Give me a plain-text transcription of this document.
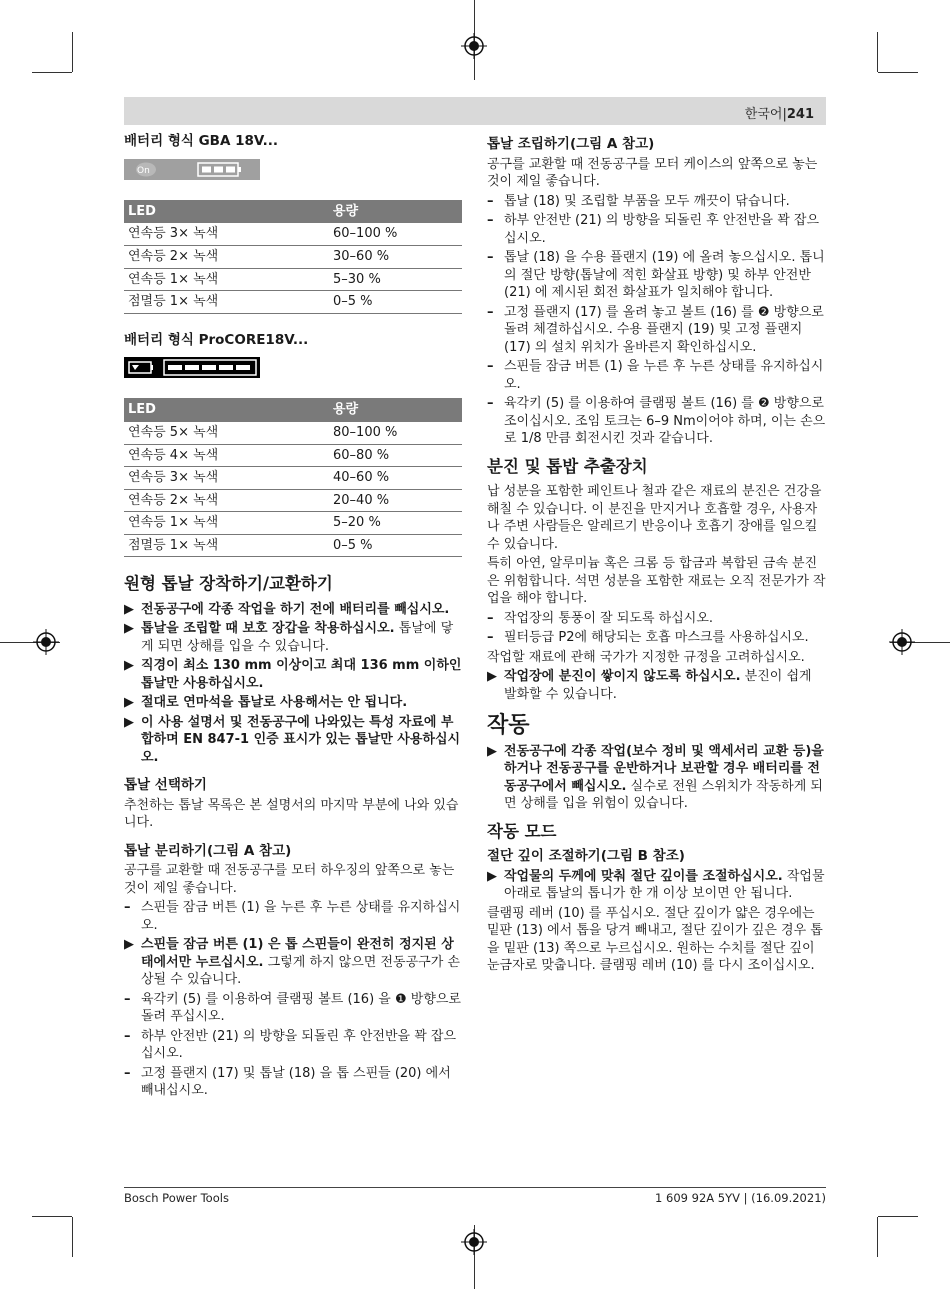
한국어|241
배터리 형식 GBA 18V...
On
LED	용량
연속등 3× 녹색	60–100 %
연속등 2× 녹색	30–60 %
연속등 1× 녹색	5–30 %
점멸등 1× 녹색	0–5 %
배터리 형식 ProCORE18V...
LED	용량
연속등 5× 녹색	80–100 %
연속등 4× 녹색	60–80 %
연속등 3× 녹색	40–60 %
연속등 2× 녹색	20–40 %
연속등 1× 녹색	5–20 %
점멸등 1× 녹색	0–5 %
원형 톱날 장착하기/교환하기
▶ 전동공구에 각종 작업을 하기 전에 배터리를 빼십시오.
▶ 톱날을 조립할 때 보호 장갑을 착용하십시오. 톱날에 닿게 되면 상해를 입을 수 있습니다.
▶ 직경이 최소 130 mm 이상이고 최대 136 mm 이하인 톱날만 사용하십시오.
▶ 절대로 연마석을 톱날로 사용해서는 안 됩니다.
▶ 이 사용 설명서 및 전동공구에 나와있는 특성 자료에 부합하며 EN 847-1 인증 표시가 있는 톱날만 사용하십시오.
톱날 선택하기

추천하는 톱날 목록은 본 설명서의 마지막 부분에 나와 있습니다.

톱날 분리하기(그림 A 참고)

공구를 교환할 때 전동공구를 모터 하우징의 앞쪽으로 놓는 것이 제일 좋습니다.

– 스핀들 잠금 버튼 (1) 을 누른 후 누른 상태를 유지하십시오.
▶ 스핀들 잠금 버튼 (1) 은 톱 스핀들이 완전히 정지된 상태에서만 누르십시오. 그렇게 하지 않으면 전동공구가 손상될 수 있습니다.
– 육각키 (5) 를 이용하여 클램핑 볼트 (16) 을 ❶ 방향으로 돌려 푸십시오.
– 하부 안전반 (21) 의 방향을 되돌린 후 안전반을 꽉 잡으십시오.
– 고정 플랜지 (17) 및 톱날 (18) 을 톱 스핀들 (20) 에서 빼내십시오.
톱날 조립하기(그림 A 참고)

공구를 교환할 때 전동공구를 모터 케이스의 앞쪽으로 놓는 것이 제일 좋습니다.

– 톱날 (18) 및 조립할 부품을 모두 깨끗이 닦습니다.
– 하부 안전반 (21) 의 방향을 되돌린 후 안전반을 꽉 잡으십시오.
– 톱날 (18) 을 수용 플랜지 (19) 에 올려 놓으십시오. 톱니의 절단 방향(톱날에 적힌 화살표 방향) 및 하부 안전반 (21) 에 제시된 회전 화살표가 일치해야 합니다.
– 고정 플랜지 (17) 를 올려 놓고 볼트 (16) 를 ❷ 방향으로 돌려 체결하십시오. 수용 플랜지 (19) 및 고정 플랜지 (17) 의 설치 위치가 올바른지 확인하십시오.
– 스핀들 잠금 버튼 (1) 을 누른 후 누른 상태를 유지하십시오.
– 육각키 (5) 를 이용하여 클램핑 볼트 (16) 를 ❷ 방향으로 조이십시오. 조임 토크는 6–9 Nm이어야 하며, 이는 손으로 1/8 만큼 회전시킨 것과 같습니다.
분진 및 톱밥 추출장치

납 성분을 포함한 페인트나 철과 같은 재료의 분진은 건강을 해칠 수 있습니다. 이 분진을 만지거나 호흡할 경우, 사용자나 주변 사람들은 알레르기 반응이나 호흡기 장애를 일으킬 수 있습니다.

특히 아연, 알루미늄 혹은 크롬 등 합금과 복합된 금속 분진은 위험합니다. 석면 성분을 포함한 재료는 오직 전문가가 작업을 해야 합니다.

– 작업장의 통풍이 잘 되도록 하십시오.
– 필터등급 P2에 해당되는 호흡 마스크를 사용하십시오.

작업할 재료에 관해 국가가 지정한 규정을 고려하십시오.

▶ 작업장에 분진이 쌓이지 않도록 하십시오. 분진이 쉽게 발화할 수 있습니다.
작동
▶ 전동공구에 각종 작업(보수 정비 및 액세서리 교환 등)을 하거나 전동공구를 운반하거나 보관할 경우 배터리를 전동공구에서 빼십시오. 실수로 전원 스위치가 작동하게 되면 상해를 입을 위험이 있습니다.
작동 모드
절단 깊이 조절하기(그림 B 참조)
▶ 작업물의 두께에 맞춰 절단 깊이를 조절하십시오. 작업물 아래로 톱날의 톱니가 한 개 이상 보이면 안 됩니다.

클램핑 레버 (10) 를 푸십시오. 절단 깊이가 얇은 경우에는 밑판 (13) 에서 톱을 당겨 빼내고, 절단 깊이가 깊은 경우 톱을 밑판 (13) 쪽으로 누르십시오. 원하는 수치를 절단 깊이 눈금자로 맞춥니다. 클램핑 레버 (10) 를 다시 조이십시오.

Bosch Power Tools	1 609 92A 5YV | (16.09.2021)
